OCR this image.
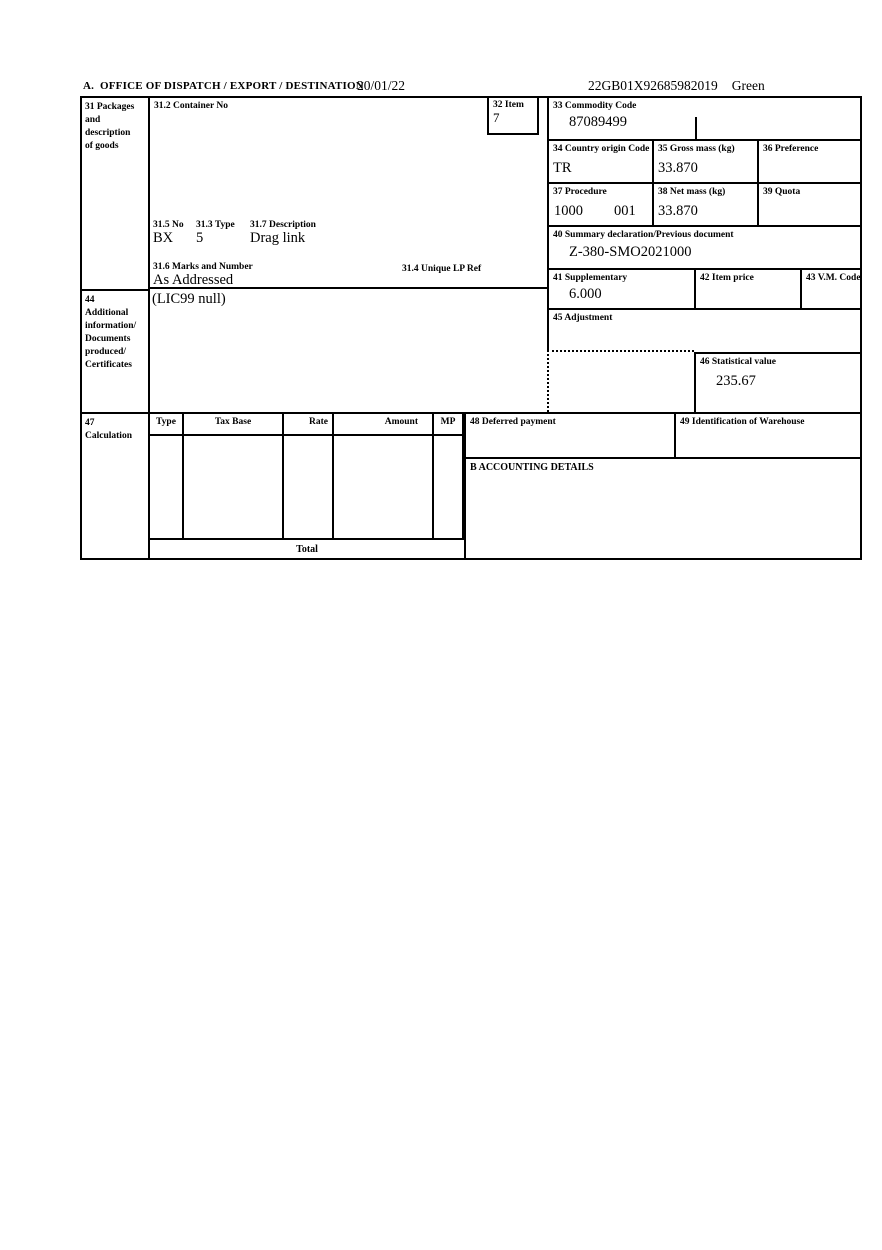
A.  OFFICE OF DISPATCH / EXPORT / DESTINATION
20/01/22	22GB01X92685982019 Green
31 Packages
and
description
of goods
44
Additional
information/
Documents
produced/
Certificates
47
Calculation
31.2 Container No
31.5 No 31.3 Type 31.7 Description
BX 5	Drag link
31.6 Marks and Number	31.4 Unique LP Ref
As Addressed
32 Item
7
(LIC99 null)
33 Commodity Code
87089499
34 Country origin Code
TR
35 Gross mass (kg)
33.870
36 Preference
37 Procedure
1000 001
38 Net mass (kg)
33.870
39 Quota
40 Summary declaration/Previous document
Z-380-SMO2021000
41 Supplementary
6.000
42 Item price	43 V.M. Code
45 Adjustment
46 Statistical value
235.67
Type	Tax Base	Rate	Amount	MP
Total
48 Deferred payment	49 Identification of Warehouse
B ACCOUNTING DETAILS
